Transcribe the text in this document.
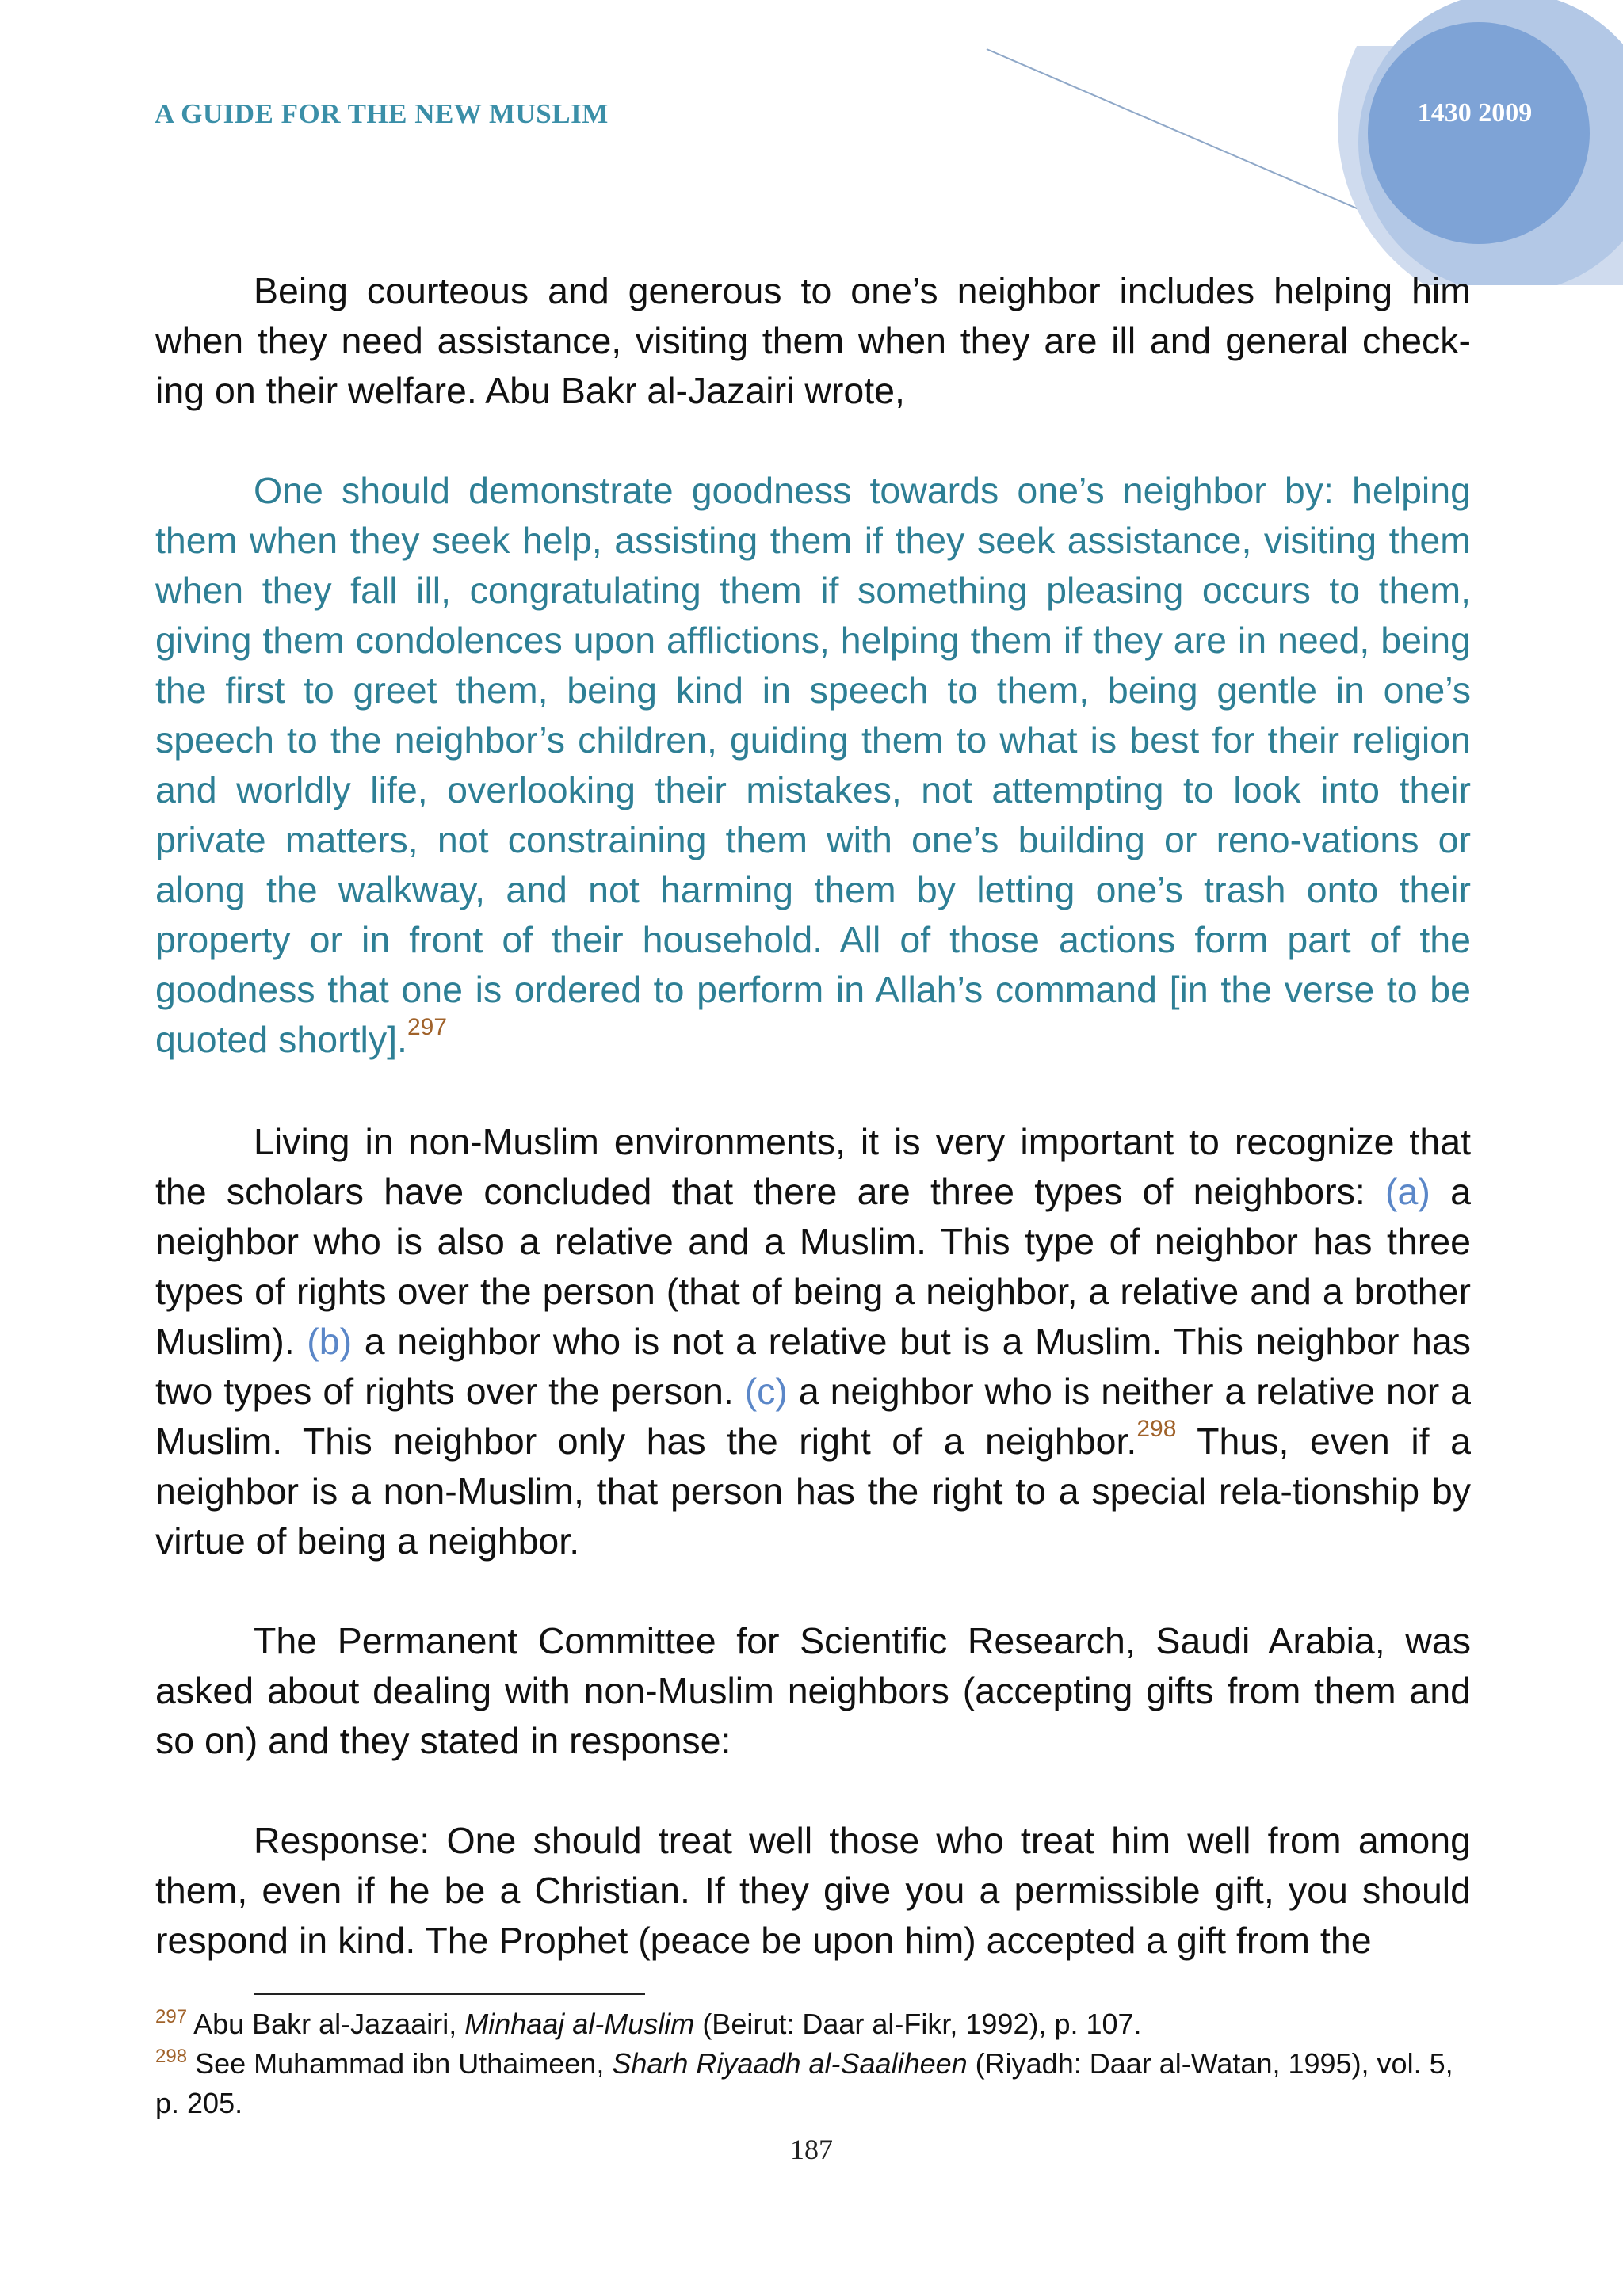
A GUIDE FOR THE NEW MUSLIM	1430 2009

Being courteous and generous to one’s neighbor includes helping him when they need assistance, visiting them when they are ill and general check-ing on their welfare. Abu Bakr al-Jazairi wrote,

One should demonstrate goodness towards one’s neighbor by: helping them when they seek help, assisting them if they seek assistance, visiting them when they fall ill, congratulating them if something pleasing occurs to them, giving them condolences upon afflictions, helping them if they are in need, being the first to greet them, being kind in speech to them, being gentle in one’s speech to the neighbor’s children, guiding them to what is best for their religion and worldly life, overlooking their mistakes, not attempting to look into their private matters, not constraining them with one’s building or reno-vations or along the walkway, and not harming them by letting one’s trash onto their property or in front of their household. All of those actions form part of the goodness that one is ordered to perform in Allah’s command [in the verse to be quoted shortly].$^{297}$

Living in non-Muslim environments, it is very important to recognize that the scholars have concluded that there are three types of neighbors: (a) a neighbor who is also a relative and a Muslim. This type of neighbor has three types of rights over the person (that of being a neighbor, a relative and a brother Muslim). (b) a neighbor who is not a relative but is a Muslim. This neighbor has two types of rights over the person. (c) a neighbor who is neither a relative nor a Muslim. This neighbor only has the right of a neighbor.$^{298}$ Thus, even if a neighbor is a non-Muslim, that person has the right to a special rela-tionship by virtue of being a neighbor.

The Permanent Committee for Scientific Research, Saudi Arabia, was asked about dealing with non-Muslim neighbors (accepting gifts from them and so on) and they stated in response:

Response: One should treat well those who treat him well from among them, even if he be a Christian. If they give you a permissible gift, you should respond in kind. The Prophet (peace be upon him) accepted a gift from the

$^{297}$ Abu Bakr al-Jazaairi, Minhaaj al-Muslim (Beirut: Daar al-Fikr, 1992), p. 107.

$^{298}$ See Muhammad ibn Uthaimeen, Sharh Riyaadh al-Saaliheen (Riyadh: Daar al-Watan, 1995), vol. 5, p. 205.

187
